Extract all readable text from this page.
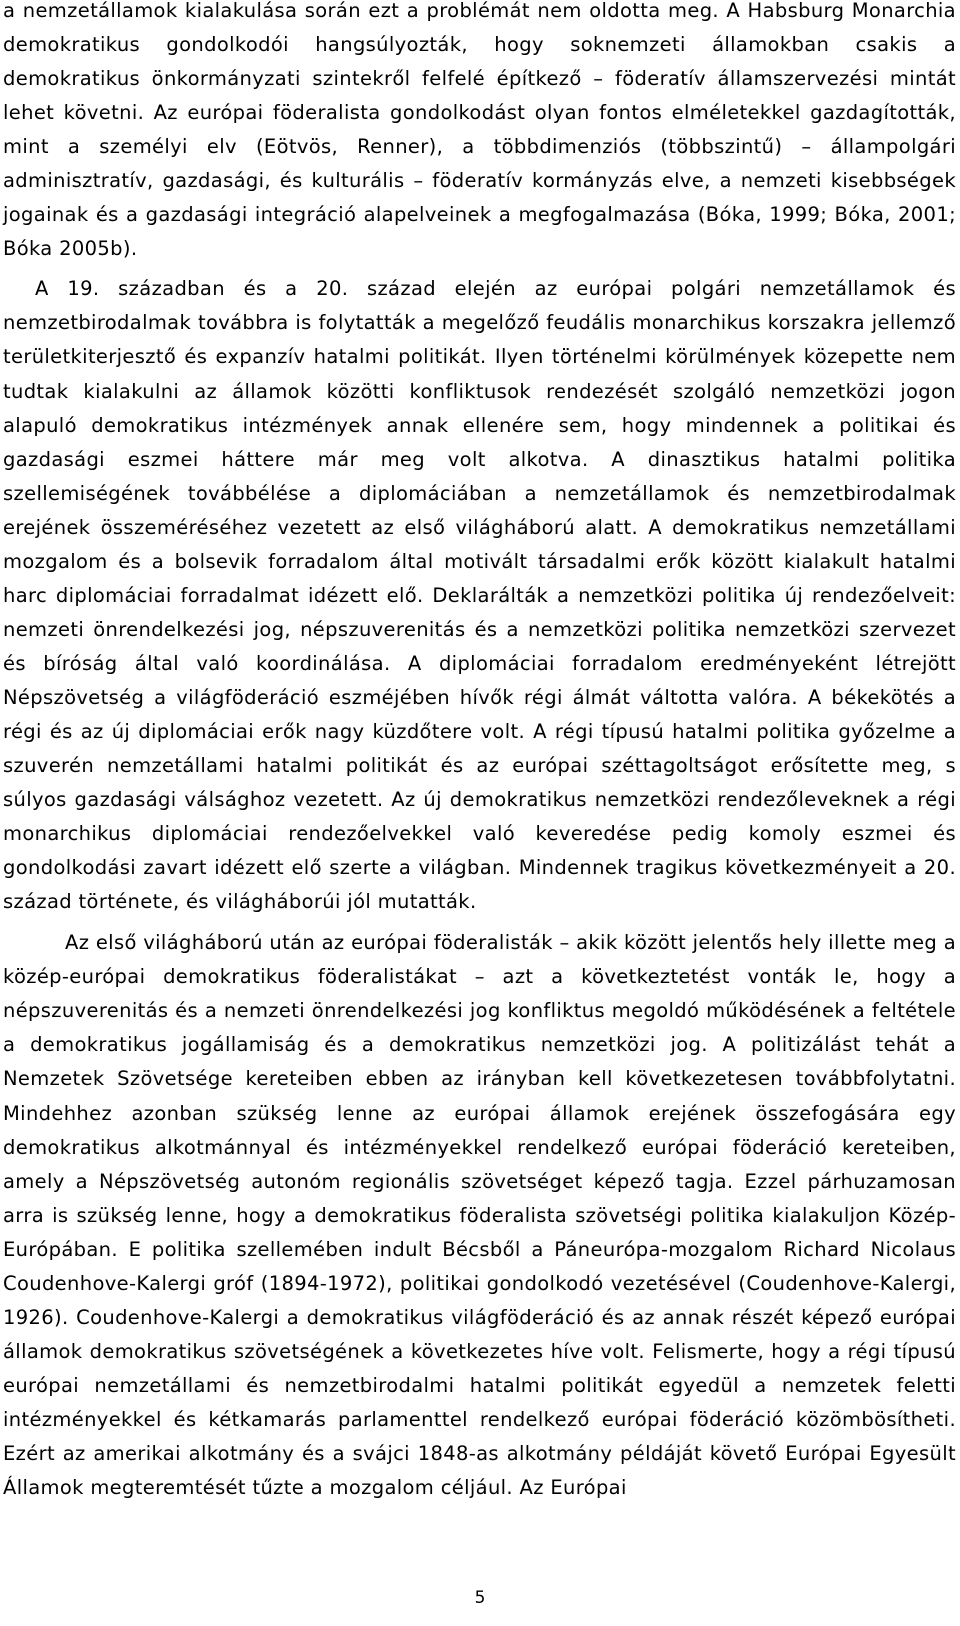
a nemzetállamok kialakulása során ezt a problémát nem oldotta meg. A Habsburg Monarchia demokratikus gondolkodói hangsúlyozták, hogy soknemzeti államokban csakis a demokratikus önkormányzati szintekről felfelé építkező – föderatív államszervezési mintát lehet követni. Az európai föderalista gondolkodást olyan fontos elméletekkel gazdagították, mint a személyi elv (Eötvös, Renner), a többdimenziós (többszintű) – állampolgári adminisztratív, gazdasági, és kulturális – föderatív kormányzás elve, a nemzeti kisebbségek jogainak és a gazdasági integráció alapelveinek a megfogalmazása (Bóka, 1999; Bóka, 2001; Bóka 2005b).

A 19. században és a 20. század elején az európai polgári nemzetállamok és nemzetbirodalmak továbbra is folytatták a megelőző feudális monarchikus korszakra jellemző területkiterjesztő és expanzív hatalmi politikát. Ilyen történelmi körülmények közepette nem tudtak kialakulni az államok közötti konfliktusok rendezését szolgáló nemzetközi jogon alapuló demokratikus intézmények annak ellenére sem, hogy mindennek a politikai és gazdasági eszmei háttere már meg volt alkotva. A dinasztikus hatalmi politika szellemiségének továbbélése a diplomáciában a nemzetállamok és nemzetbirodalmak erejének összeméréséhez vezetett az első világháború alatt. A demokratikus nemzetállami mozgalom és a bolsevik forradalom által motivált társadalmi erők között kialakult hatalmi harc diplomáciai forradalmat idézett elő. Deklarálták a nemzetközi politika új rendezőelveit: nemzeti önrendelkezési jog, népszuverenitás és a nemzetközi politika nemzetközi szervezet és bíróság által való koordinálása. A diplomáciai forradalom eredményeként létrejött Népszövetség a világföderáció eszméjében hívők régi álmát váltotta valóra. A békekötés a régi és az új diplomáciai erők nagy küzdőtere volt. A régi típusú hatalmi politika győzelme a szuverén nemzetállami hatalmi politikát és az európai széttagoltságot erősítette meg, s súlyos gazdasági válsághoz vezetett. Az új demokratikus nemzetközi rendezőleveknek a régi monarchikus diplomáciai rendezőelvekkel való keveredése pedig komoly eszmei és gondolkodási zavart idézett elő szerte a világban. Mindennek tragikus következményeit a 20. század története, és világháborúi jól mutatták.

Az első világháború után az európai föderalisták – akik között jelentős hely illette meg a közép-európai demokratikus föderalistákat – azt a következtetést vonták le, hogy a népszuverenitás és a nemzeti önrendelkezési jog konfliktus megoldó működésének a feltétele a demokratikus jogállamiság és a demokratikus nemzetközi jog. A politizálást tehát a Nemzetek Szövetsége kereteiben ebben az irányban kell következetesen továbbfolytatni. Mindehhez azonban szükség lenne az európai államok erejének összefogására egy demokratikus alkotmánnyal és intézményekkel rendelkező európai föderáció kereteiben, amely a Népszövetség autonóm regionális szövetséget képező tagja. Ezzel párhuzamosan arra is szükség lenne, hogy a demokratikus föderalista szövetségi politika kialakuljon Közép-Európában. E politika szellemében indult Bécsből a Páneurópa-mozgalom Richard Nicolaus Coudenhove-Kalergi gróf (1894-1972), politikai gondolkodó vezetésével (Coudenhove-Kalergi, 1926). Coudenhove-Kalergi a demokratikus világföderáció és az annak részét képező európai államok demokratikus szövetségének a következetes híve volt. Felismerte, hogy a régi típusú európai nemzetállami és nemzetbirodalmi hatalmi politikát egyedül a nemzetek feletti intézményekkel és kétkamarás parlamenttel rendelkező európai föderáció közömbösítheti. Ezért az amerikai alkotmány és a svájci 1848-as alkotmány példáját követő Európai Egyesült Államok megteremtését tűzte a mozgalom céljául. Az Európai

5
